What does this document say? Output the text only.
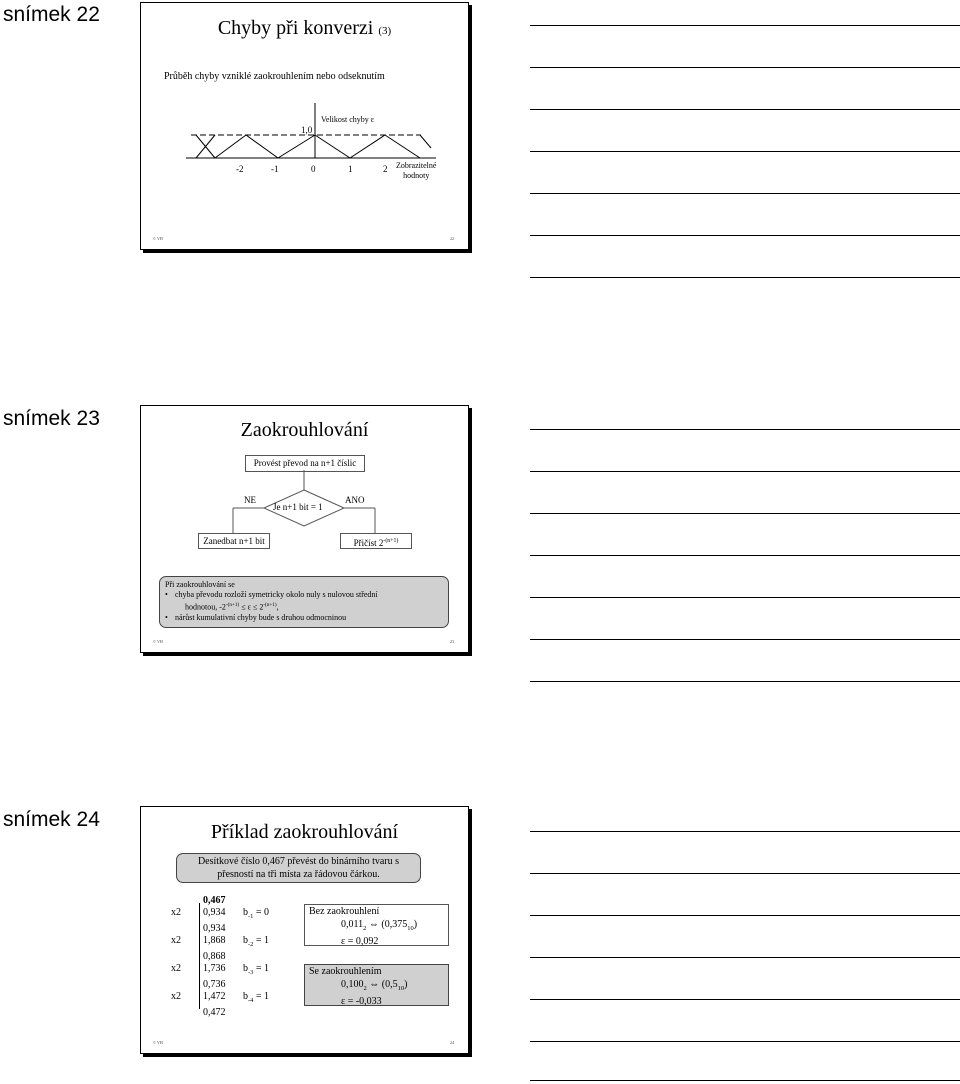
snímek 22
Chyby při konverzi (3)
Průběh chyby vzniklé zaokrouhlením nebo odseknutím
1,0
Velikost chyby ε
-2	-1	0	1	2 Zobrazitelné
hodnoty
© VH	22
snímek 23	Zaokrouhlování
Provést převod na n+1 číslic
Je n+1 bit = 1
NE	ANO
Zanedbat n+1 bit	Přičíst $2^{-(n+1)}$
Při zaokrouhlování se
• chyba převodu rozloží symetricky okolo nuly s nulovou střední
hodnotou, $-2^{-(n+1)} \le \varepsilon \le 2^{-(n+1)}$,
• nárůst kumulativní chyby bude s druhou odmocninou
© VH	23
snímek 24
Příklad zaokrouhlování
Desítkové číslo 0,467 převést do binárního tvaru s
přesností na tři místa za řádovou čárkou.
0,467
x2 0,934 $b_{-1} = 0$
0,934
x2 1,868 $b_{-2} = 1$
0,868
x2 1,736 $b_{-3} = 1$
0,736
x2 1,472 $b_{-4} = 1$
0,472
Bez zaokrouhlení
$0,011_2$ ⇔ $(0,375_{10})$
ε = 0,092
Se zaokrouhlením
$0,100_2$ ⇔ $(0,5_{10})$
ε = -0,033
© VH	24
